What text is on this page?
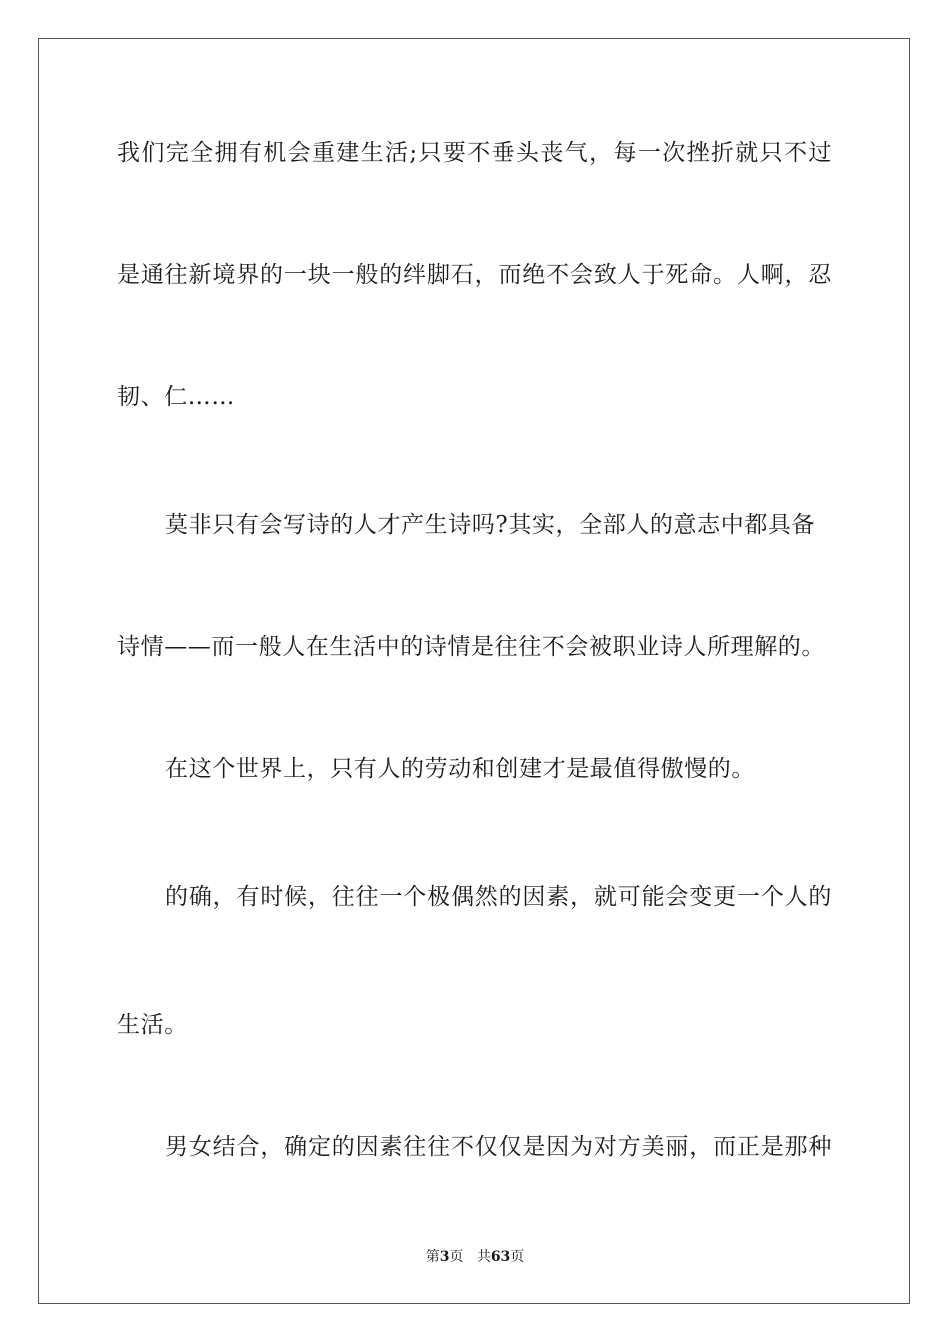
我们完全拥有机会重建生活;只要不垂头丧气，每一次挫折就只不过
是通往新境界的一块一般的绊脚石，而绝不会致人于死命。人啊，忍
韧、仁……
莫非只有会写诗的人才产生诗吗?其实，全部人的意志中都具备
诗情——而一般人在生活中的诗情是往往不会被职业诗人所理解的。
在这个世界上，只有人的劳动和创建才是最值得傲慢的。
的确，有时候，往往一个极偶然的因素，就可能会变更一个人的
生活。
男女结合，确定的因素往往不仅仅是因为对方美丽，而正是那种
第3页 共63页
